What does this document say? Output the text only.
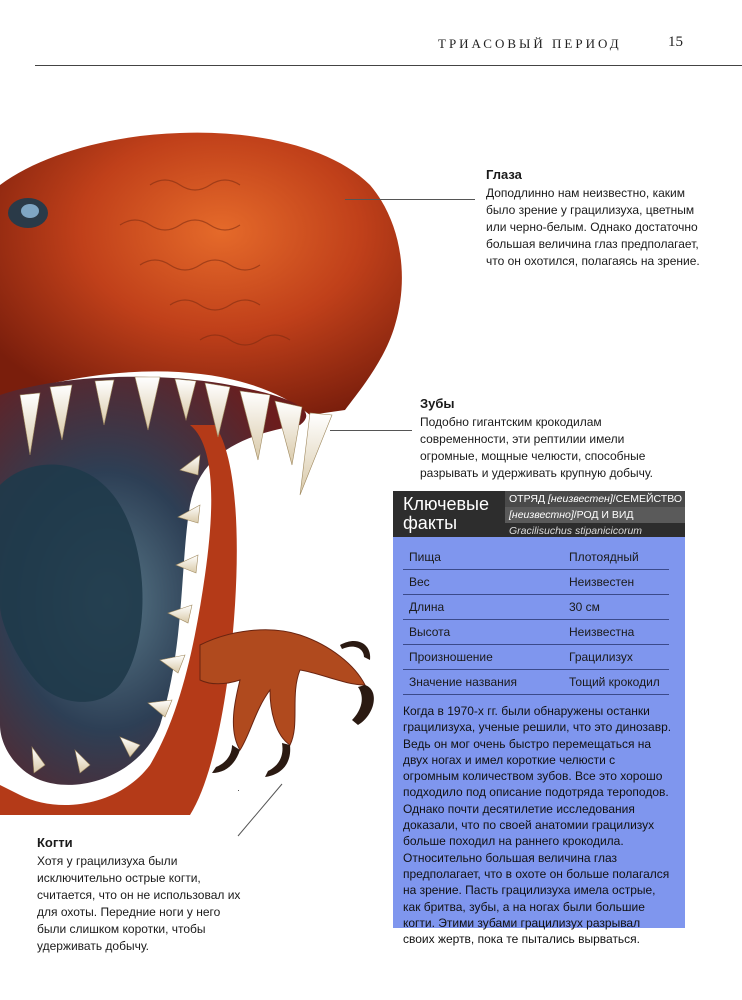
ТРИАСОВЫЙ ПЕРИОД	15
Глаза

Доподлинно нам неизвестно, каким было зрение у грацилизуха, цветным или черно-белым. Однако достаточно большая величина глаз предполагает, что он охотился, полагаясь на зрение.

Зубы

Подобно гигантским крокодилам современности, эти рептилии имели огромные, мощные челюсти, способные разрывать и удерживать крупную добычу.

Когти

Хотя у грацилизуха были исключительно острые когти, считается, что он не использовал их для охоты. Передние ноги у него были слишком коротки, чтобы удерживать добычу.

Ключевые факты
ОТРЯД [неизвестен]/СЕМЕЙСТВО
[неизвестно]/РОД И ВИД
Gracilisuchus stipanicicorum
Пища	Плотоядный
Вес	Неизвестен
Длина	30 см
Высота	Неизвестна
Произношение	Грацилизух
Значение названия	Тощий крокодил

Когда в 1970-х гг. были обнаружены останки грацилизуха, ученые решили, что это динозавр. Ведь он мог очень быстро перемещаться на двух ногах и имел короткие челюсти с огромным количеством зубов. Все это хорошо подходило под описание подотряда тероподов. Однако почти десятилетие исследования доказали, что по своей анатомии грацилизух больше походил на раннего крокодила. Относительно большая величина глаз предполагает, что в охоте он больше полагался на зрение. Пасть грацилизуха имела острые, как бритва, зубы, а на ногах были большие когти. Этими зубами грацилизух разрывал своих жертв, пока те пытались вырваться.
